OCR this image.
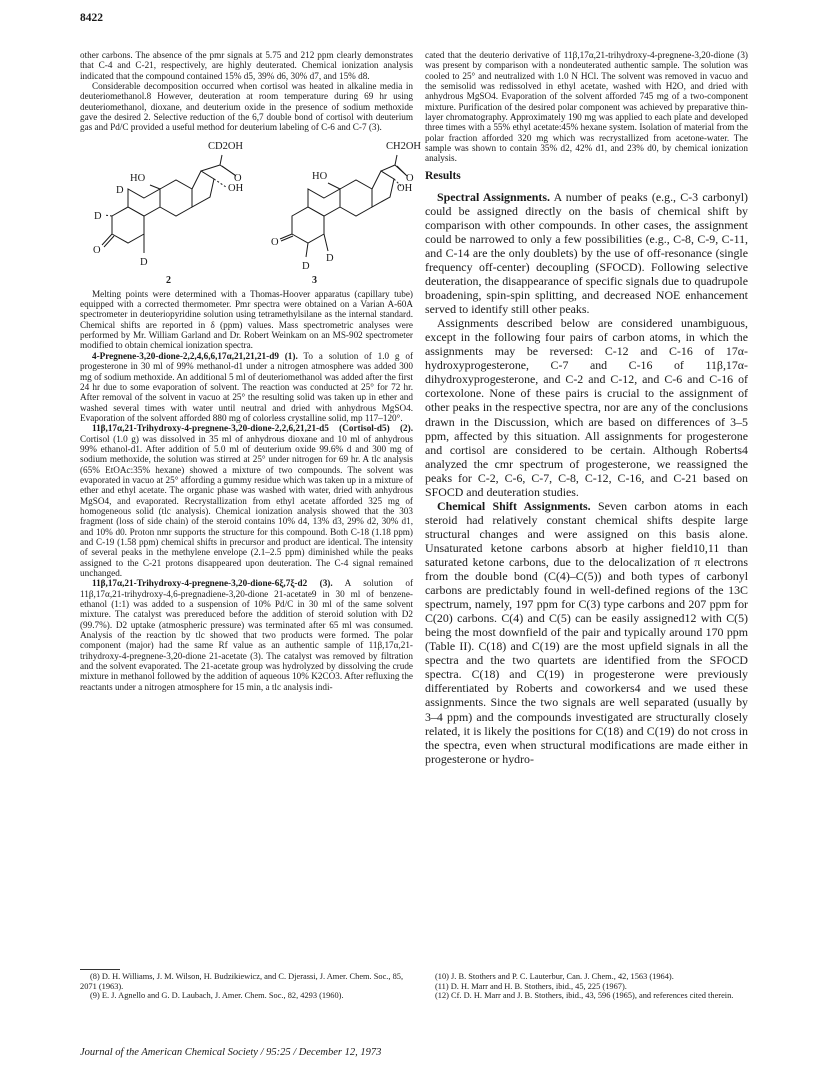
8422

other carbons. The absence of the pmr signals at 5.75 and 212 ppm clearly demonstrates that C-4 and C-21, respectively, are highly deuterated. Chemical ionization analysis indicated that the compound contained 15% d5, 39% d6, 30% d7, and 15% d8.

Considerable decomposition occurred when cortisol was heated in alkaline media in deuteriomethanol.8 However, deuteration at room temperature during 69 hr using deuteriomethanol, dioxane, and deuterium oxide in the presence of sodium methoxide gave the desired 2. Selective reduction of the 6,7 double bond of cortisol with deuterium gas and Pd/C provided a useful method for deuterium labeling of C-6 and C-7 (3).

CD2OH
O
HO
OH
D
D
O
D
2
CH2OH
O
HO
OH
O
D
D
3

Melting points were determined with a Thomas-Hoover apparatus (capillary tube) equipped with a corrected thermometer. Pmr spectra were obtained on a Varian A-60A spectrometer in deuteriopyridine solution using tetramethylsilane as the internal standard. Chemical shifts are reported in δ (ppm) values. Mass spectrometric analyses were performed by Mr. William Garland and Dr. Robert Weinkam on an MS-902 spectrometer modified to obtain chemical ionization spectra.

4-Pregnene-3,20-dione-2,2,4,6,6,17α,21,21,21-d9 (1). To a solution of 1.0 g of progesterone in 30 ml of 99% methanol-d1 under a nitrogen atmosphere was added 300 mg of sodium methoxide. An additional 5 ml of deuteriomethanol was added after the first 24 hr due to some evaporation of solvent. The reaction was conducted at 25° for 72 hr. After removal of the solvent in vacuo at 25° the resulting solid was taken up in ether and washed several times with water until neutral and dried with anhydrous MgSO4. Evaporation of the solvent afforded 880 mg of colorless crystalline solid, mp 117–120°.

11β,17α,21-Trihydroxy-4-pregnene-3,20-dione-2,2,6,21,21-d5 (Cortisol-d5) (2). Cortisol (1.0 g) was dissolved in 35 ml of anhydrous dioxane and 10 ml of anhydrous 99% ethanol-d1. After addition of 5.0 ml of deuterium oxide 99.6% d and 300 mg of sodium methoxide, the solution was stirred at 25° under nitrogen for 69 hr. A tlc analysis (65% EtOAc:35% hexane) showed a mixture of two compounds. The solvent was evaporated in vacuo at 25° affording a gummy residue which was taken up in a mixture of ether and ethyl acetate. The organic phase was washed with water, dried with anhydrous MgSO4, and evaporated. Recrystallization from ethyl acetate afforded 325 mg of homogeneous solid (tlc analysis). Chemical ionization analysis showed that the 303 fragment (loss of side chain) of the steroid contains 10% d4, 13% d3, 29% d2, 30% d1, and 10% d0. Proton nmr supports the structure for this compound. Both C-18 (1.18 ppm) and C-19 (1.58 ppm) chemical shifts in precursor and product are identical. The intensity of several peaks in the methylene envelope (2.1–2.5 ppm) diminished while the peaks assigned to the C-21 protons disappeared upon deuteration. The C-4 signal remained unchanged.

11β,17α,21-Trihydroxy-4-pregnene-3,20-dione-6ξ,7ξ-d2 (3). A solution of 11β,17α,21-trihydroxy-4,6-pregnadiene-3,20-dione 21-acetate9 in 30 ml of benzene-ethanol (1:1) was added to a suspension of 10% Pd/C in 30 ml of the same solvent mixture. The catalyst was prereduced before the addition of steroid solution with D2 (99.7%). D2 uptake (atmospheric pressure) was terminated after 65 ml was consumed. Analysis of the reaction by tlc showed that two products were formed. The polar component (major) had the same Rf value as an authentic sample of 11β,17α,21-trihydroxy-4-pregnene-3,20-dione 21-acetate (3). The catalyst was removed by filtration and the solvent evaporated. The 21-acetate group was hydrolyzed by dissolving the crude mixture in methanol followed by the addition of aqueous 10% K2CO3. After refluxing the reactants under a nitrogen atmosphere for 15 min, a tlc analysis indi-

cated that the deuterio derivative of 11β,17α,21-trihydroxy-4-pregnene-3,20-dione (3) was present by comparison with a nondeuterated authentic sample. The solution was cooled to 25° and neutralized with 1.0 N HCl. The solvent was removed in vacuo and the semisolid was redissolved in ethyl acetate, washed with H2O, and dried with anhydrous MgSO4. Evaporation of the solvent afforded 745 mg of a two-component mixture. Purification of the desired polar component was achieved by preparative thin-layer chromatography. Approximately 190 mg was applied to each plate and developed three times with a 55% ethyl acetate:45% hexane system. Isolation of material from the polar fraction afforded 320 mg which was recrystallized from acetone-water. The sample was shown to contain 35% d2, 42% d1, and 23% d0, by chemical ionization analysis.

Results

Spectral Assignments. A number of peaks (e.g., C-3 carbonyl) could be assigned directly on the basis of chemical shift by comparison with other compounds. In other cases, the assignment could be narrowed to only a few possibilities (e.g., C-8, C-9, C-11, and C-14 are the only doublets) by the use of off-resonance (single frequency off-center) decoupling (SFOCD). Following selective deuteration, the disappearance of specific signals due to quadrupole broadening, spin-spin splitting, and decreased NOE enhancement served to identify still other peaks.

Assignments described below are considered unambiguous, except in the following four pairs of carbon atoms, in which the assignments may be reversed: C-12 and C-16 of 17α-hydroxyprogesterone, C-7 and C-16 of 11β,17α-dihydroxyprogesterone, and C-2 and C-12, and C-6 and C-16 of cortexolone. None of these pairs is crucial to the assignment of other peaks in the respective spectra, nor are any of the conclusions drawn in the Discussion, which are based on differences of 3–5 ppm, affected by this situation. All assignments for progesterone and cortisol are considered to be certain. Although Roberts4 analyzed the cmr spectrum of progesterone, we reassigned the peaks for C-2, C-6, C-7, C-8, C-12, C-16, and C-21 based on SFOCD and deuteration studies.

Chemical Shift Assignments. Seven carbon atoms in each steroid had relatively constant chemical shifts despite large structural changes and were assigned on this basis alone. Unsaturated ketone carbons absorb at higher field10,11 than saturated ketone carbons, due to the delocalization of π electrons from the double bond (C(4)–C(5)) and both types of carbonyl carbons are predictably found in well-defined regions of the 13C spectrum, namely, 197 ppm for C(3) type carbons and 207 ppm for C(20) carbons. C(4) and C(5) can be easily assigned12 with C(5) being the most downfield of the pair and typically around 170 ppm (Table II). C(18) and C(19) are the most upfield signals in all the spectra and the two quartets are identified from the SFOCD spectra. C(18) and C(19) in progesterone were previously differentiated by Roberts and coworkers4 and we used these assignments. Since the two signals are well separated (usually by 3–4 ppm) and the compounds investigated are structurally closely related, it is likely the positions for C(18) and C(19) do not cross in the spectra, even when structural modifications are made either in progesterone or hydro-

(8) D. H. Williams, J. M. Wilson, H. Budzikiewicz, and C. Djerassi, J. Amer. Chem. Soc., 85, 2071 (1963).
(9) E. J. Agnello and G. D. Laubach, J. Amer. Chem. Soc., 82, 4293 (1960).
(10) J. B. Stothers and P. C. Lauterbur, Can. J. Chem., 42, 1563 (1964).
(11) D. H. Marr and H. B. Stothers, ibid., 45, 225 (1967).
(12) Cf. D. H. Marr and J. B. Stothers, ibid., 43, 596 (1965), and references cited therein.
Journal of the American Chemical Society / 95:25 / December 12, 1973
